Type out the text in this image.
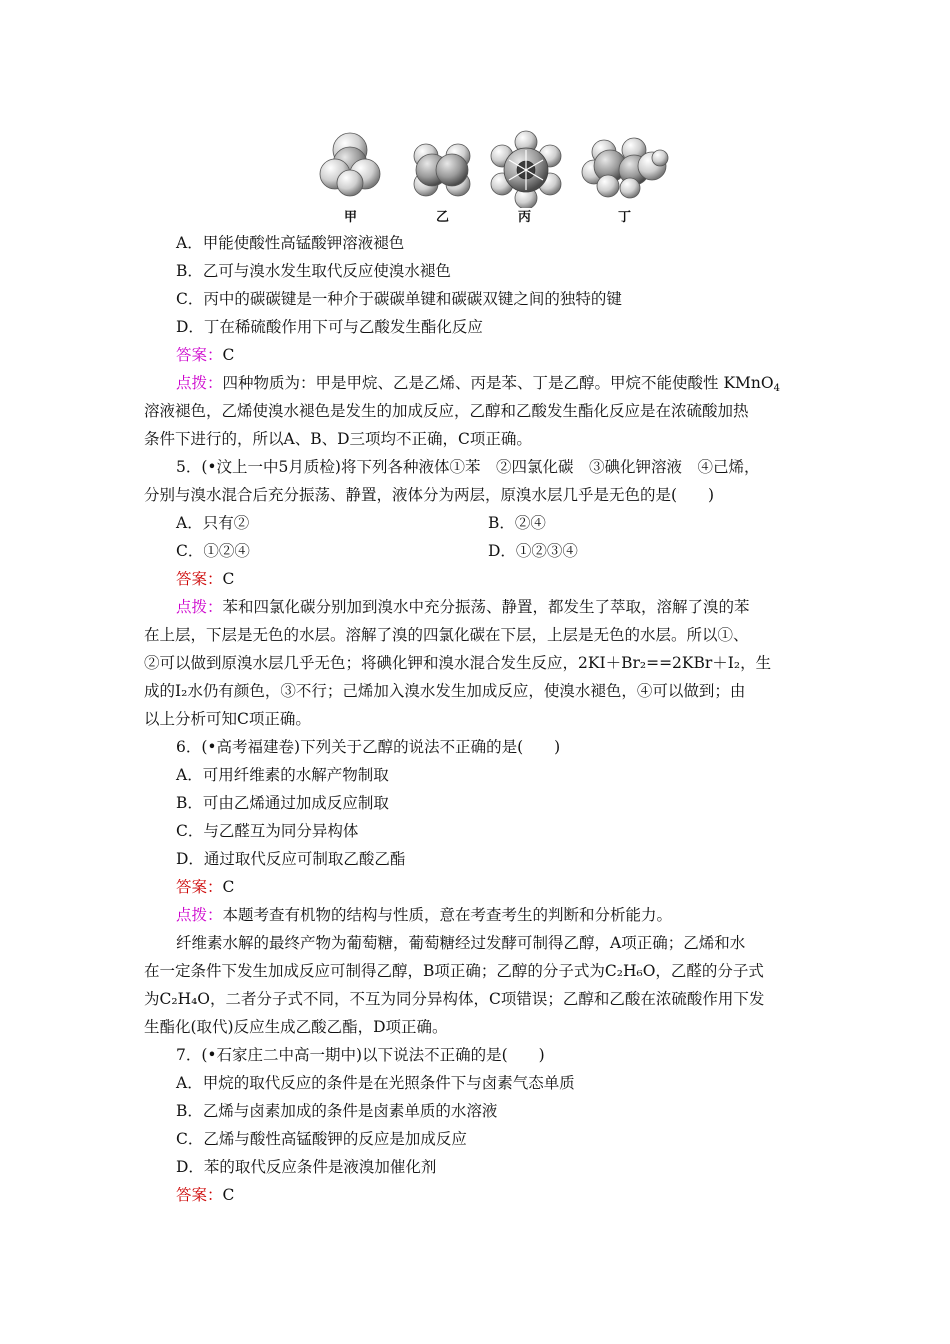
甲	乙	丙	丁
A．甲能使酸性高锰酸钾溶液褪色
B．乙可与溴水发生取代反应使溴水褪色
C．丙中的碳碳键是一种介于碳碳单键和碳碳双键之间的独特的键
D．丁在稀硫酸作用下可与乙酸发生酯化反应
答案：C
点拨：四种物质为：甲是甲烷、乙是乙烯、丙是苯、丁是乙醇。甲烷不能使酸性 KMnO$_4$
溶液褪色，乙烯使溴水褪色是发生的加成反应，乙醇和乙酸发生酯化反应是在浓硫酸加热
条件下进行的，所以A、B、D三项均不正确，C项正确。
5．(•汶上一中5月质检)将下列各种液体①苯　②四氯化碳　③碘化钾溶液　④己烯，
分别与溴水混合后充分振荡、静置，液体分为两层，原溴水层几乎是无色的是(　　)
A．只有②	B．②④
C．①②④	D．①②③④
答案：C
点拨：苯和四氯化碳分别加到溴水中充分振荡、静置，都发生了萃取，溶解了溴的苯
在上层，下层是无色的水层。溶解了溴的四氯化碳在下层，上层是无色的水层。所以①、
②可以做到原溴水层几乎无色；将碘化钾和溴水混合发生反应，2KI＋Br₂==2KBr＋I₂，生
成的I₂水仍有颜色，③不行；己烯加入溴水发生加成反应，使溴水褪色，④可以做到；由
以上分析可知C项正确。
6．(•高考福建卷)下列关于乙醇的说法不正确的是(　　)
A．可用纤维素的水解产物制取
B．可由乙烯通过加成反应制取
C．与乙醛互为同分异构体
D．通过取代反应可制取乙酸乙酯
答案：C
点拨：本题考查有机物的结构与性质，意在考查考生的判断和分析能力。
纤维素水解的最终产物为葡萄糖，葡萄糖经过发酵可制得乙醇，A项正确；乙烯和水
在一定条件下发生加成反应可制得乙醇，B项正确；乙醇的分子式为C₂H₆O，乙醛的分子式
为C₂H₄O，二者分子式不同，不互为同分异构体，C项错误；乙醇和乙酸在浓硫酸作用下发
生酯化(取代)反应生成乙酸乙酯，D项正确。
7．(•石家庄二中高一期中)以下说法不正确的是(　　)
A．甲烷的取代反应的条件是在光照条件下与卤素气态单质
B．乙烯与卤素加成的条件是卤素单质的水溶液
C．乙烯与酸性高锰酸钾的反应是加成反应
D．苯的取代反应条件是液溴加催化剂
答案：C
